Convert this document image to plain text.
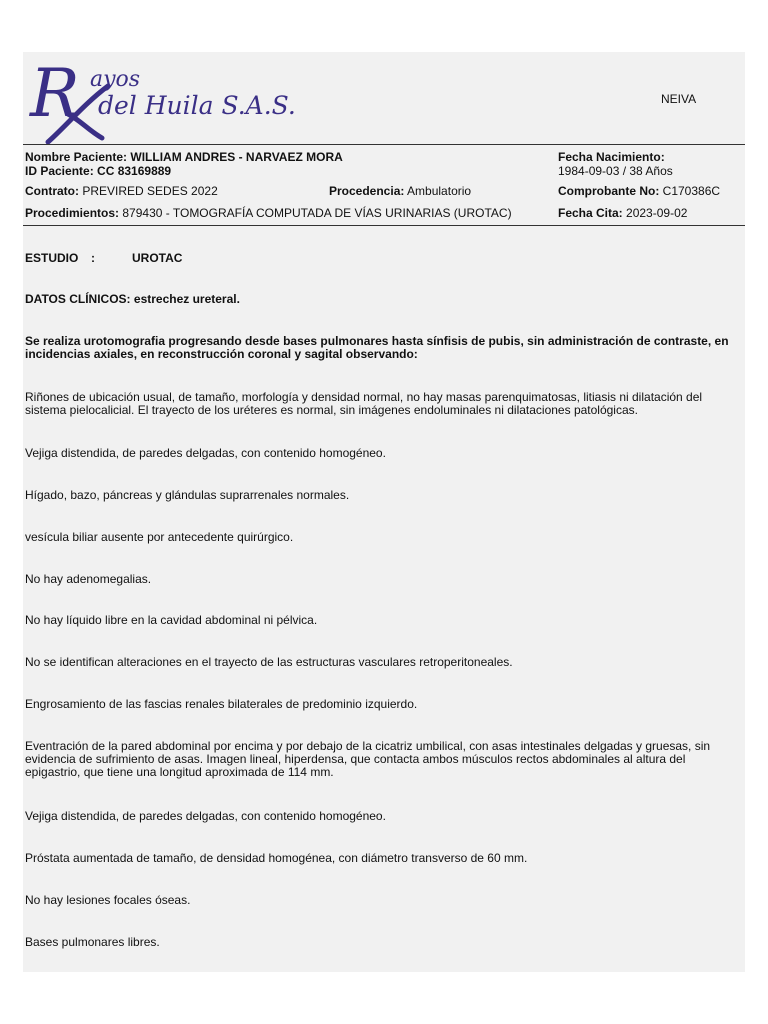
R ayos
del Huila S.A.S.	NEIVA
Nombre Paciente: WILLIAM ANDRES - NARVAEZ MORA
ID Paciente: CC 83169889
Fecha Nacimiento:
1984-09-03 / 38 Años
Contrato: PREVIRED SEDES 2022	Procedencia: Ambulatorio	Comprobante No: C170386C
Procedimientos: 879430 - TOMOGRAFÍA COMPUTADA DE VÍAS URINARIAS (UROTAC)	Fecha Cita: 2023-09-02
ESTUDIO :	UROTAC
DATOS CLÍNICOS: estrechez ureteral.
Se realiza urotomografia progresando desde bases pulmonares hasta sínfisis de pubis, sin administración de contraste, en incidencias axiales, en reconstrucción coronal y sagital observando:
Riñones de ubicación usual, de tamaño, morfología y densidad normal, no hay masas parenquimatosas, litiasis ni dilatación del sistema pielocalicial. El trayecto de los uréteres es normal, sin imágenes endoluminales ni dilataciones patológicas.
Vejiga distendida, de paredes delgadas, con contenido homogéneo.
Hígado, bazo, páncreas y glándulas suprarrenales normales.
vesícula biliar ausente por antecedente quirúrgico.
No hay adenomegalias.
No hay líquido libre en la cavidad abdominal ni pélvica.
No se identifican alteraciones en el trayecto de las estructuras vasculares retroperitoneales.
Engrosamiento de las fascias renales bilaterales de predominio izquierdo.
Eventración de la pared abdominal por encima y por debajo de la cicatriz umbilical, con asas intestinales delgadas y gruesas, sin evidencia de sufrimiento de asas. Imagen lineal, hiperdensa, que contacta ambos músculos rectos abdominales al altura del epigastrio, que tiene una longitud aproximada de 114 mm.
Vejiga distendida, de paredes delgadas, con contenido homogéneo.
Próstata aumentada de tamaño, de densidad homogénea, con diámetro transverso de 60 mm.
No hay lesiones focales óseas.
Bases pulmonares libres.
